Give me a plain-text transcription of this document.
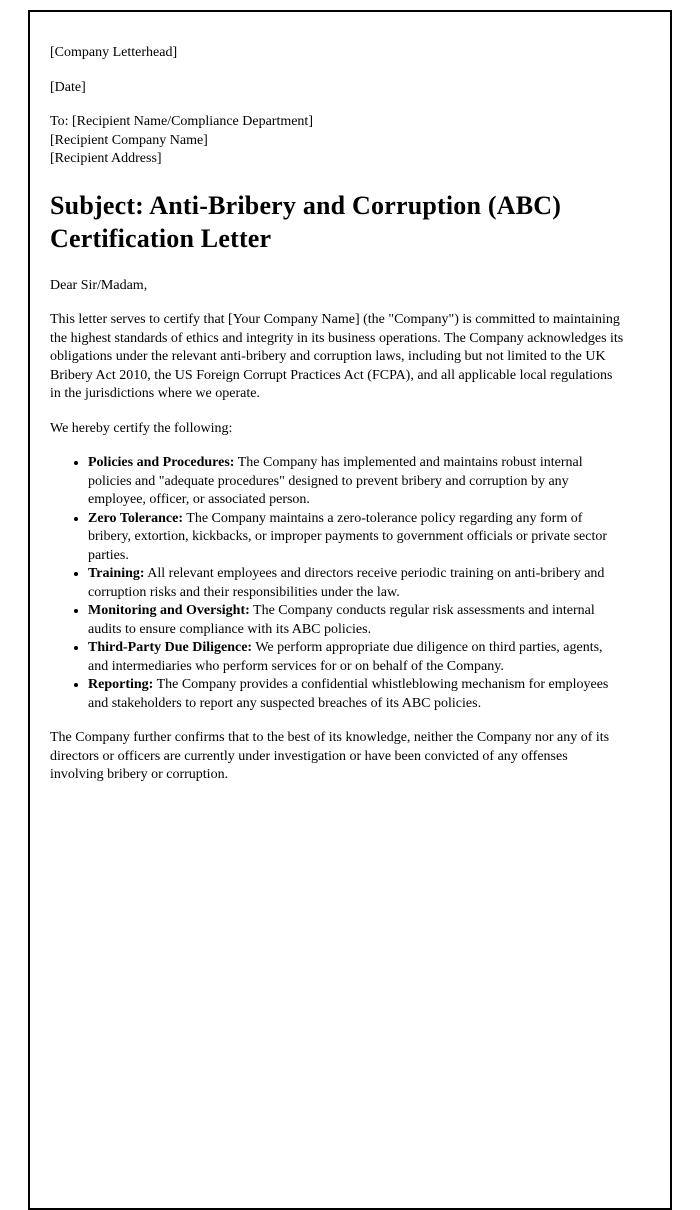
[Company Letterhead]

[Date]

To: [Recipient Name/Compliance Department]
[Recipient Company Name]
[Recipient Address]
Subject: Anti-Bribery and Corruption (ABC) Certification Letter

Dear Sir/Madam,

This letter serves to certify that [Your Company Name] (the "Company") is committed to maintaining the highest standards of ethics and integrity in its business operations. The Company acknowledges its obligations under the relevant anti-bribery and corruption laws, including but not limited to the UK Bribery Act 2010, the US Foreign Corrupt Practices Act (FCPA), and all applicable local regulations in the jurisdictions where we operate.

We hereby certify the following:

• Policies and Procedures: The Company has implemented and maintains robust internal policies and "adequate procedures" designed to prevent bribery and corruption by any employee, officer, or associated person.
• Zero Tolerance: The Company maintains a zero-tolerance policy regarding any form of bribery, extortion, kickbacks, or improper payments to government officials or private sector parties.
• Training: All relevant employees and directors receive periodic training on anti-bribery and corruption risks and their responsibilities under the law.
• Monitoring and Oversight: The Company conducts regular risk assessments and internal audits to ensure compliance with its ABC policies.
• Third-Party Due Diligence: We perform appropriate due diligence on third parties, agents, and intermediaries who perform services for or on behalf of the Company.
• Reporting: The Company provides a confidential whistleblowing mechanism for employees and stakeholders to report any suspected breaches of its ABC policies.

The Company further confirms that to the best of its knowledge, neither the Company nor any of its directors or officers are currently under investigation or have been convicted of any offenses involving bribery or corruption.
